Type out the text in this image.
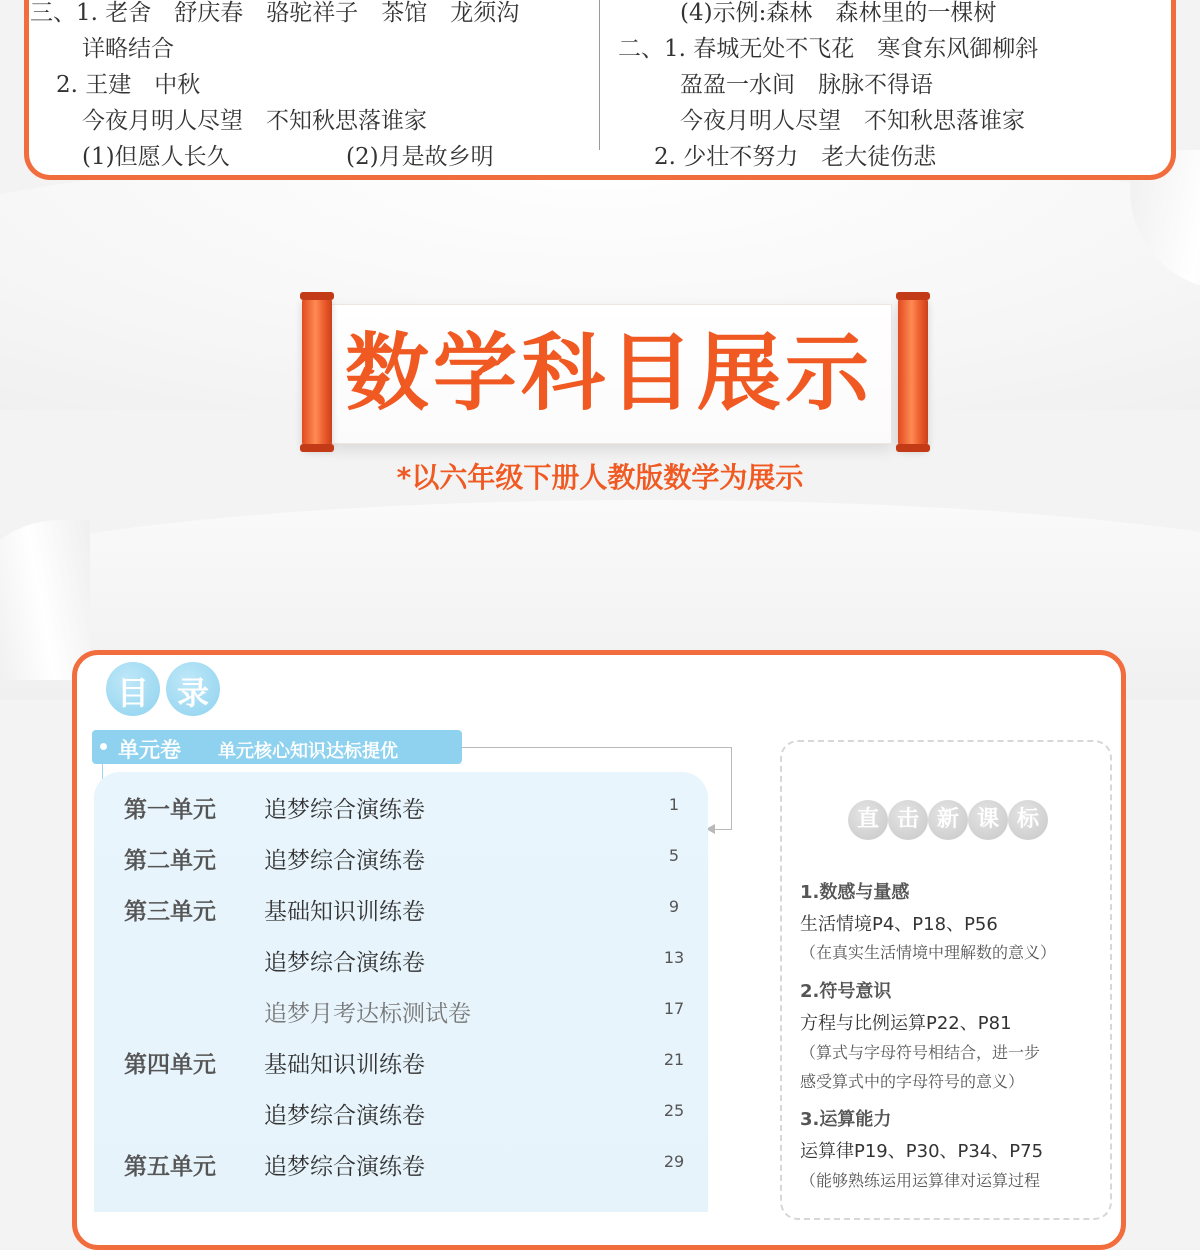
三、1. 老舍　舒庆春　骆驼祥子　茶馆　龙须沟
详略结合
2. 王建　中秋
今夜月明人尽望　不知秋思落谁家
(1)但愿人长久	(2)月是故乡明
(4)示例:森林　森林里的一棵树
二、1. 春城无处不飞花　寒食东风御柳斜
盈盈一水间　脉脉不得语
今夜月明人尽望　不知秋思落谁家
2. 少壮不努力　老大徒伤悲
数学科目展示
*以六年级下册人教版数学为展示
目 录
单元卷 单元核心知识达标提优
第一单元 追梦综合演练卷	1
第二单元 追梦综合演练卷	5
第三单元 基础知识训练卷	9
追梦综合演练卷	13
追梦月考达标测试卷	17
第四单元 基础知识训练卷	21
追梦综合演练卷	25
第五单元 追梦综合演练卷	29
直 击 新 课 标
1.数感与量感
生活情境P4、P18、P56
（在真实生活情境中理解数的意义）
2.符号意识
方程与比例运算P22、P81
（算式与字母符号相结合，进一步
感受算式中的字母符号的意义）
3.运算能力
运算律P19、P30、P34、P75
（能够熟练运用运算律对运算过程
